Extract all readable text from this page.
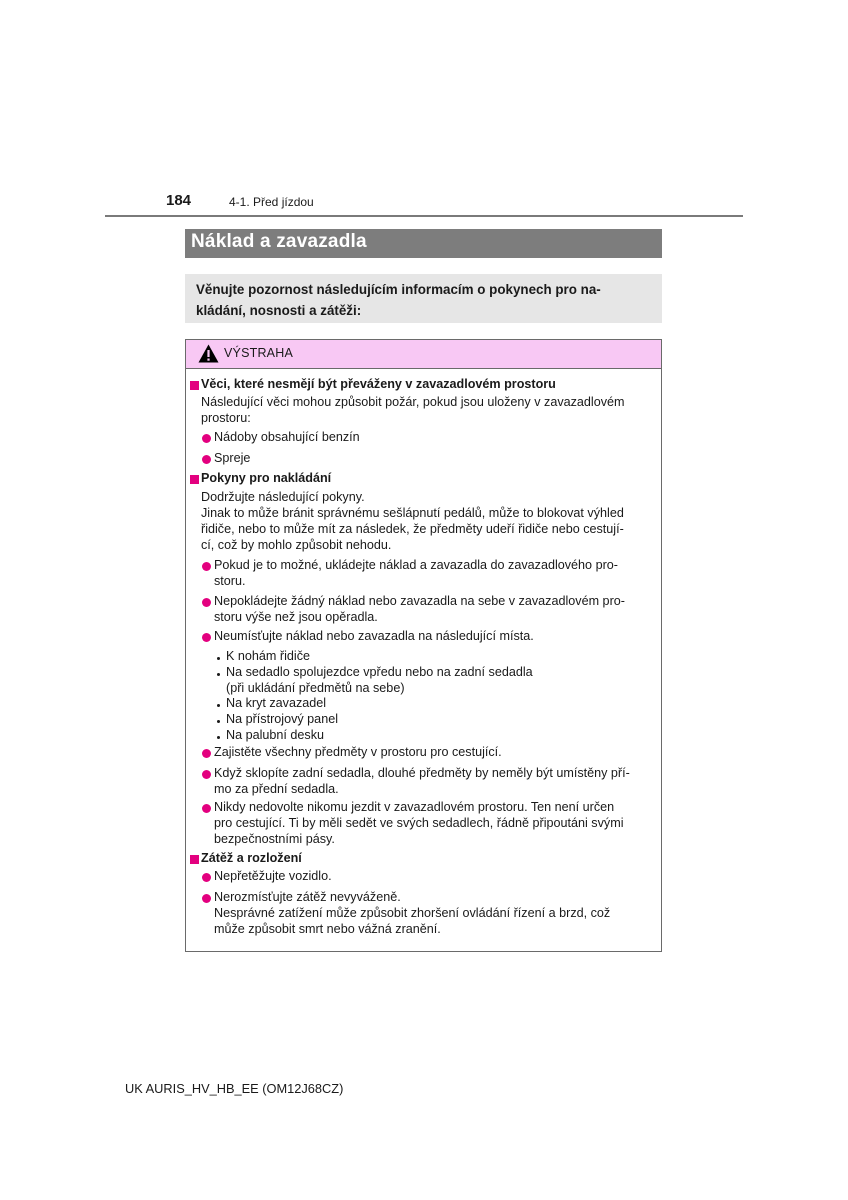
184	4-1. Před jízdou
Náklad a zavazadla
Věnujte pozornost následujícím informacím o pokynech pro na-
kládání, nosnosti a zátěži:
VÝSTRAHA
Věci, které nesmějí být převáženy v zavazadlovém prostoru
Následující věci mohou způsobit požár, pokud jsou uloženy v zavazadlovém
prostoru:
Nádoby obsahující benzín
Spreje
Pokyny pro nakládání
Dodržujte následující pokyny.
Jinak to může bránit správnému sešlápnutí pedálů, může to blokovat výhled
řidiče, nebo to může mít za následek, že předměty udeří řidiče nebo cestují-
cí, což by mohlo způsobit nehodu.
Pokud je to možné, ukládejte náklad a zavazadla do zavazadlového pro-
storu.
Nepokládejte žádný náklad nebo zavazadla na sebe v zavazadlovém pro-
storu výše než jsou opěradla.
Neumísťujte náklad nebo zavazadla na následující místa.
K nohám řidiče
Na sedadlo spolujezdce vpředu nebo na zadní sedadla
(při ukládání předmětů na sebe)
Na kryt zavazadel
Na přístrojový panel
Na palubní desku
Zajistěte všechny předměty v prostoru pro cestující.
Když sklopíte zadní sedadla, dlouhé předměty by neměly být umístěny pří-
mo za přední sedadla.
Nikdy nedovolte nikomu jezdit v zavazadlovém prostoru. Ten není určen
pro cestující. Ti by měli sedět ve svých sedadlech, řádně připoutáni svými
bezpečnostními pásy.
Zátěž a rozložení
Nepřetěžujte vozidlo.
Nerozmísťujte zátěž nevyváženě.
Nesprávné zatížení může způsobit zhoršení ovládání řízení a brzd, což
může způsobit smrt nebo vážná zranění.
UK AURIS_HV_HB_EE (OM12J68CZ)
